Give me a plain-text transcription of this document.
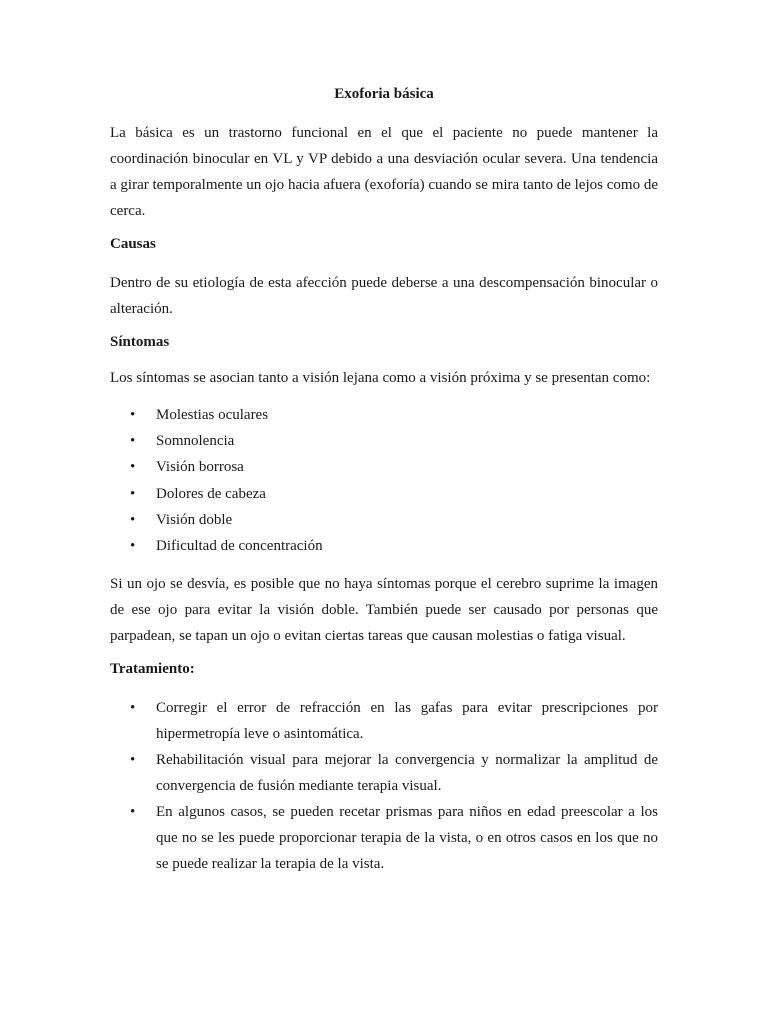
Exoforia básica

La básica es un trastorno funcional en el que el paciente no puede mantener la coordinación binocular en VL y VP debido a una desviación ocular severa. Una tendencia a girar temporalmente un ojo hacia afuera (exoforía) cuando se mira tanto de lejos como de cerca.

Causas

Dentro de su etiología de esta afección puede deberse a una descompensación binocular o alteración.

Síntomas

Los síntomas se asocian tanto a visión lejana como a visión próxima y se presentan como:

• Molestias oculares
• Somnolencia
• Visión borrosa
• Dolores de cabeza
• Visión doble
• Dificultad de concentración

Si un ojo se desvía, es posible que no haya síntomas porque el cerebro suprime la imagen de ese ojo para evitar la visión doble. También puede ser causado por personas que parpadean, se tapan un ojo o evitan ciertas tareas que causan molestias o fatiga visual.

Tratamiento:
• Corregir el error de refracción en las gafas para evitar prescripciones por hipermetropía leve o asintomática.
• Rehabilitación visual para mejorar la convergencia y normalizar la amplitud de convergencia de fusión mediante terapia visual.
• En algunos casos, se pueden recetar prismas para niños en edad preescolar a los que no se les puede proporcionar terapia de la vista, o en otros casos en los que no se puede realizar la terapia de la vista.
